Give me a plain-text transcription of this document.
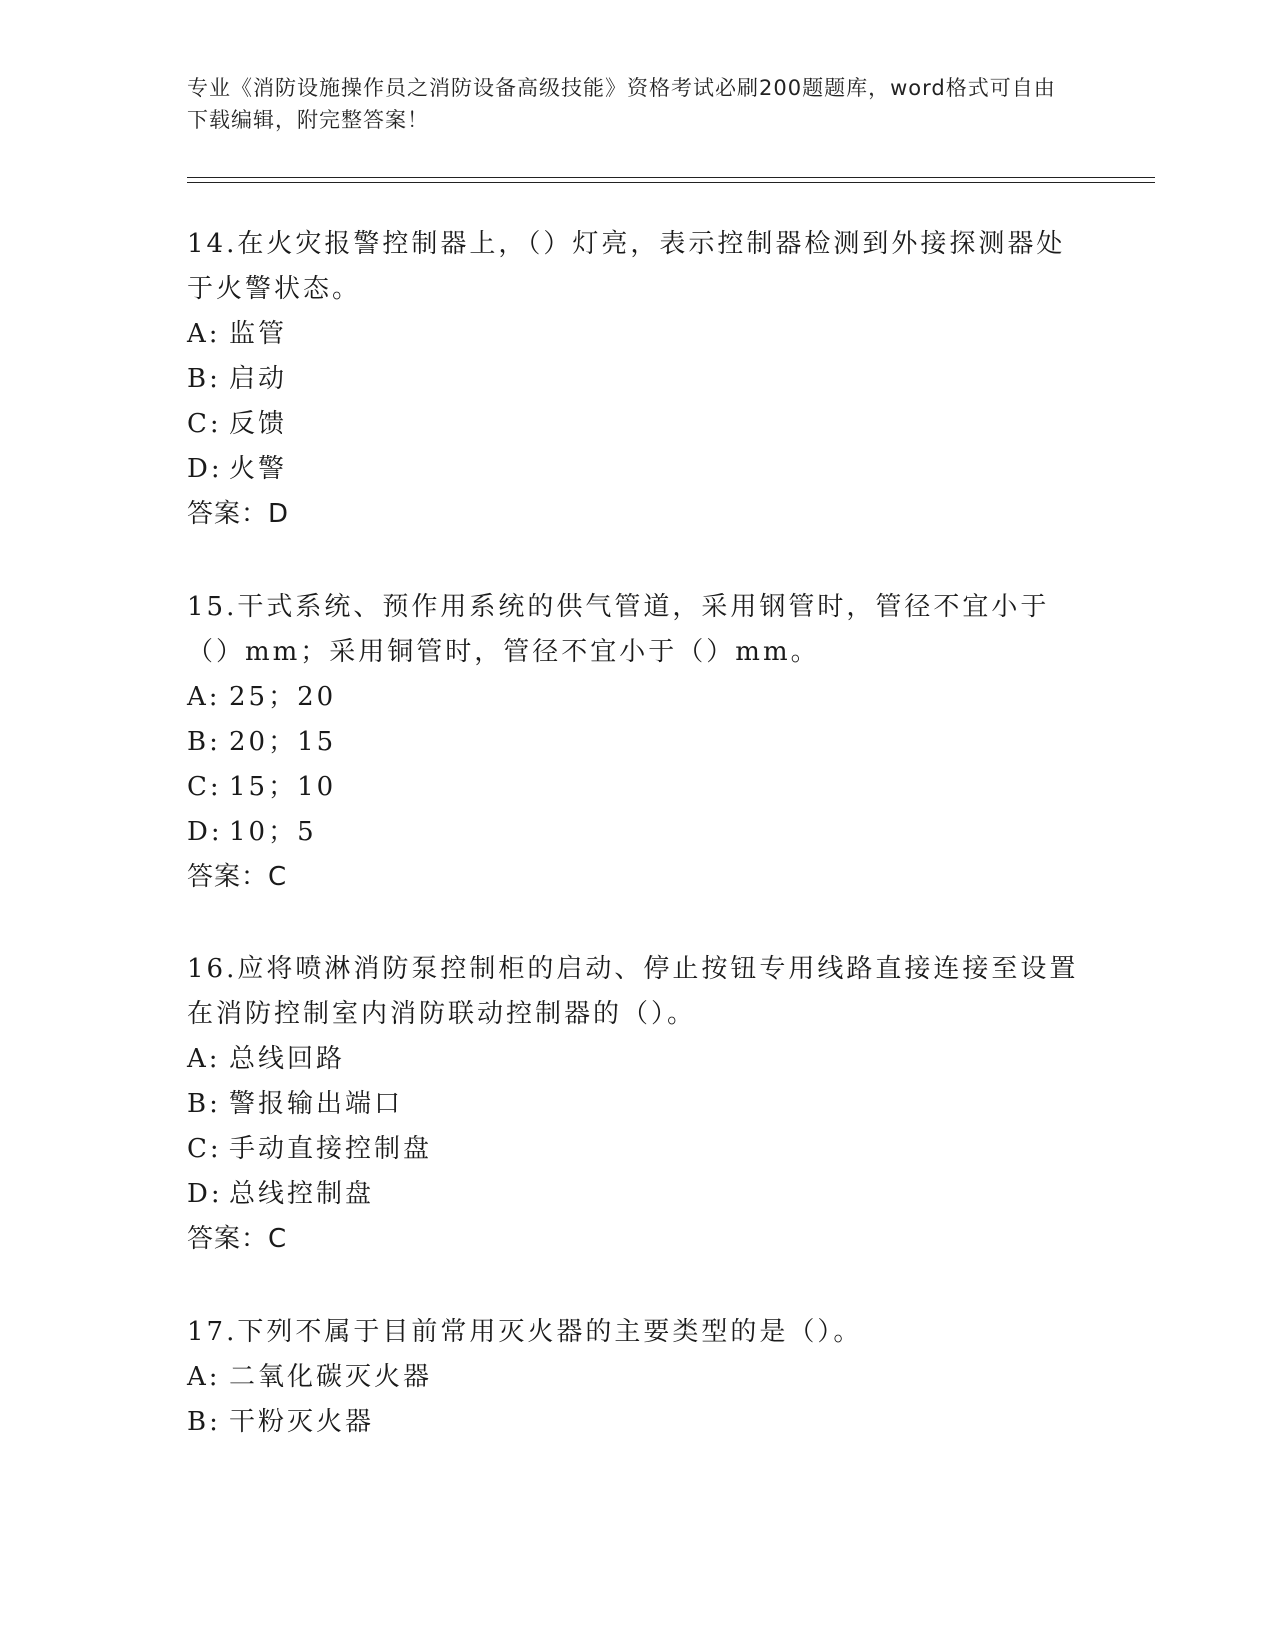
专业《消防设施操作员之消防设备高级技能》资格考试必刷200题题库，word格式可自由下载编辑，附完整答案！

14.在火灾报警控制器上，（）灯亮，表示控制器检测到外接探测器处于火警状态。

A: 监管

B: 启动

C: 反馈

D: 火警

答案：D

15.干式系统、预作用系统的供气管道，采用钢管时，管径不宜小于（）mm；采用铜管时，管径不宜小于（）mm。

A: 25；20

B: 20；15

C: 15；10

D: 10；5

答案：C

16.应将喷淋消防泵控制柜的启动、停止按钮专用线路直接连接至设置在消防控制室内消防联动控制器的（）。

A: 总线回路

B: 警报输出端口

C: 手动直接控制盘

D: 总线控制盘

答案：C

17.下列不属于目前常用灭火器的主要类型的是（）。

A: 二氧化碳灭火器

B: 干粉灭火器
